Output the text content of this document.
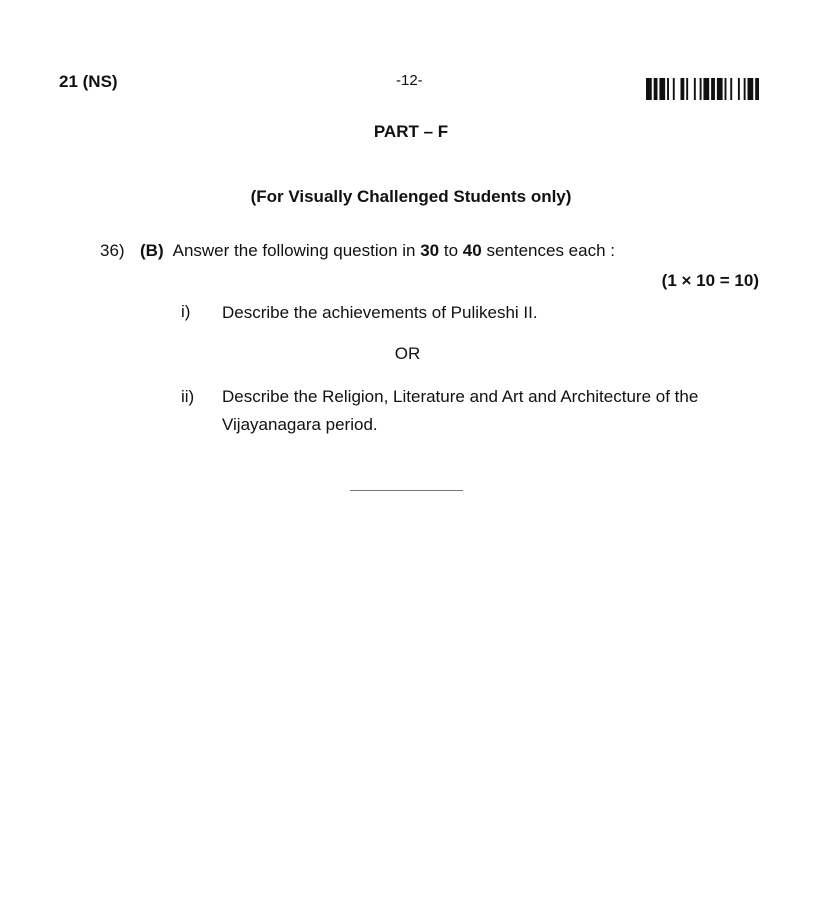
21 (NS)	-12-
PART – F
(For Visually Challenged Students only)
36) (B) Answer the following question in 30 to 40 sentences each :
(1 × 10 = 10)
i) Describe the achievements of Pulikeshi II.
OR
ii) Describe the Religion, Literature and Art and Architecture of the Vijayanagara period.
